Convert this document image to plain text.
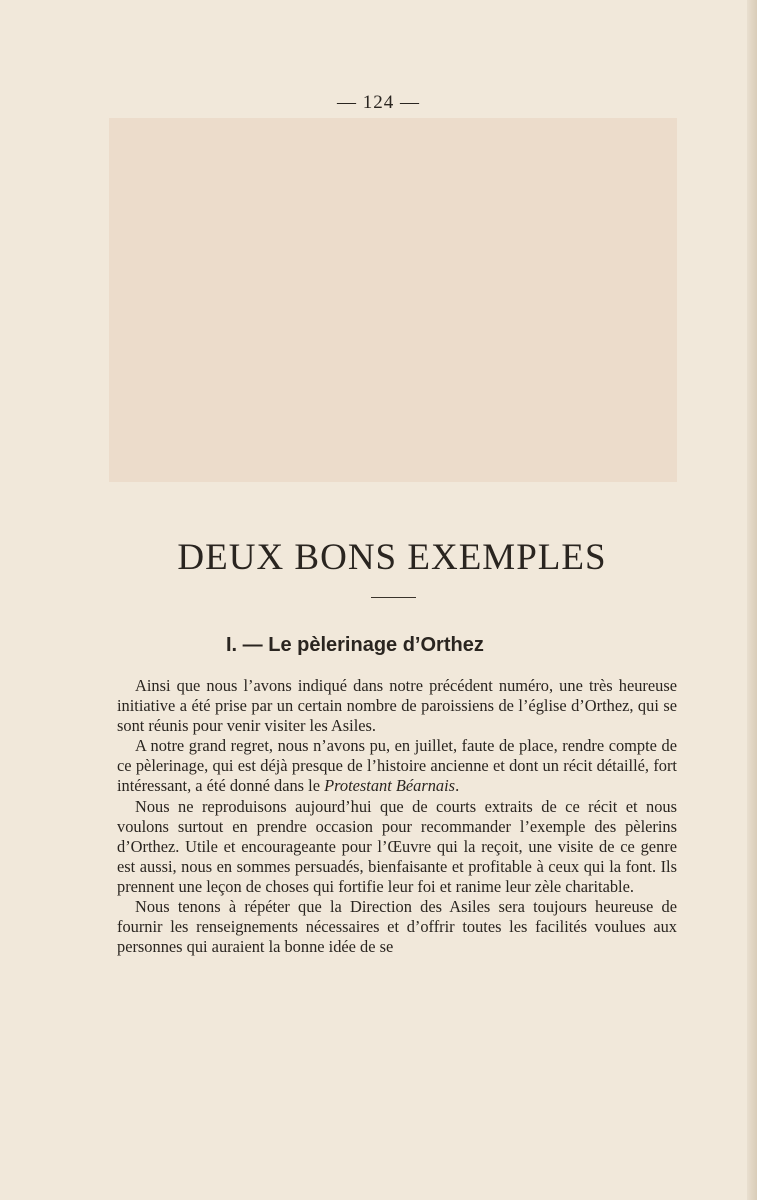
— 124 —
DEUX BONS EXEMPLES
I. — Le pèlerinage d’Orthez

Ainsi que nous l’avons indiqué dans notre précédent numéro, une très heureuse initiative a été prise par un certain nombre de paroissiens de l’église d’Orthez, qui se sont réunis pour venir visiter les Asiles.

A notre grand regret, nous n’avons pu, en juillet, faute de place, rendre compte de ce pèlerinage, qui est déjà presque de l’histoire ancienne et dont un récit détaillé, fort intéressant, a été donné dans le Protestant Béarnais.

Nous ne reproduisons aujourd’hui que de courts extraits de ce récit et nous voulons surtout en prendre occasion pour recommander l’exemple des pèlerins d’Orthez. Utile et encourageante pour l’Œuvre qui la reçoit, une visite de ce genre est aussi, nous en sommes persuadés, bienfaisante et profitable à ceux qui la font. Ils prennent une leçon de choses qui fortifie leur foi et ranime leur zèle charitable.

Nous tenons à répéter que la Direction des Asiles sera toujours heureuse de fournir les renseignements nécessaires et d’offrir toutes les facilités voulues aux personnes qui auraient la bonne idée de se
